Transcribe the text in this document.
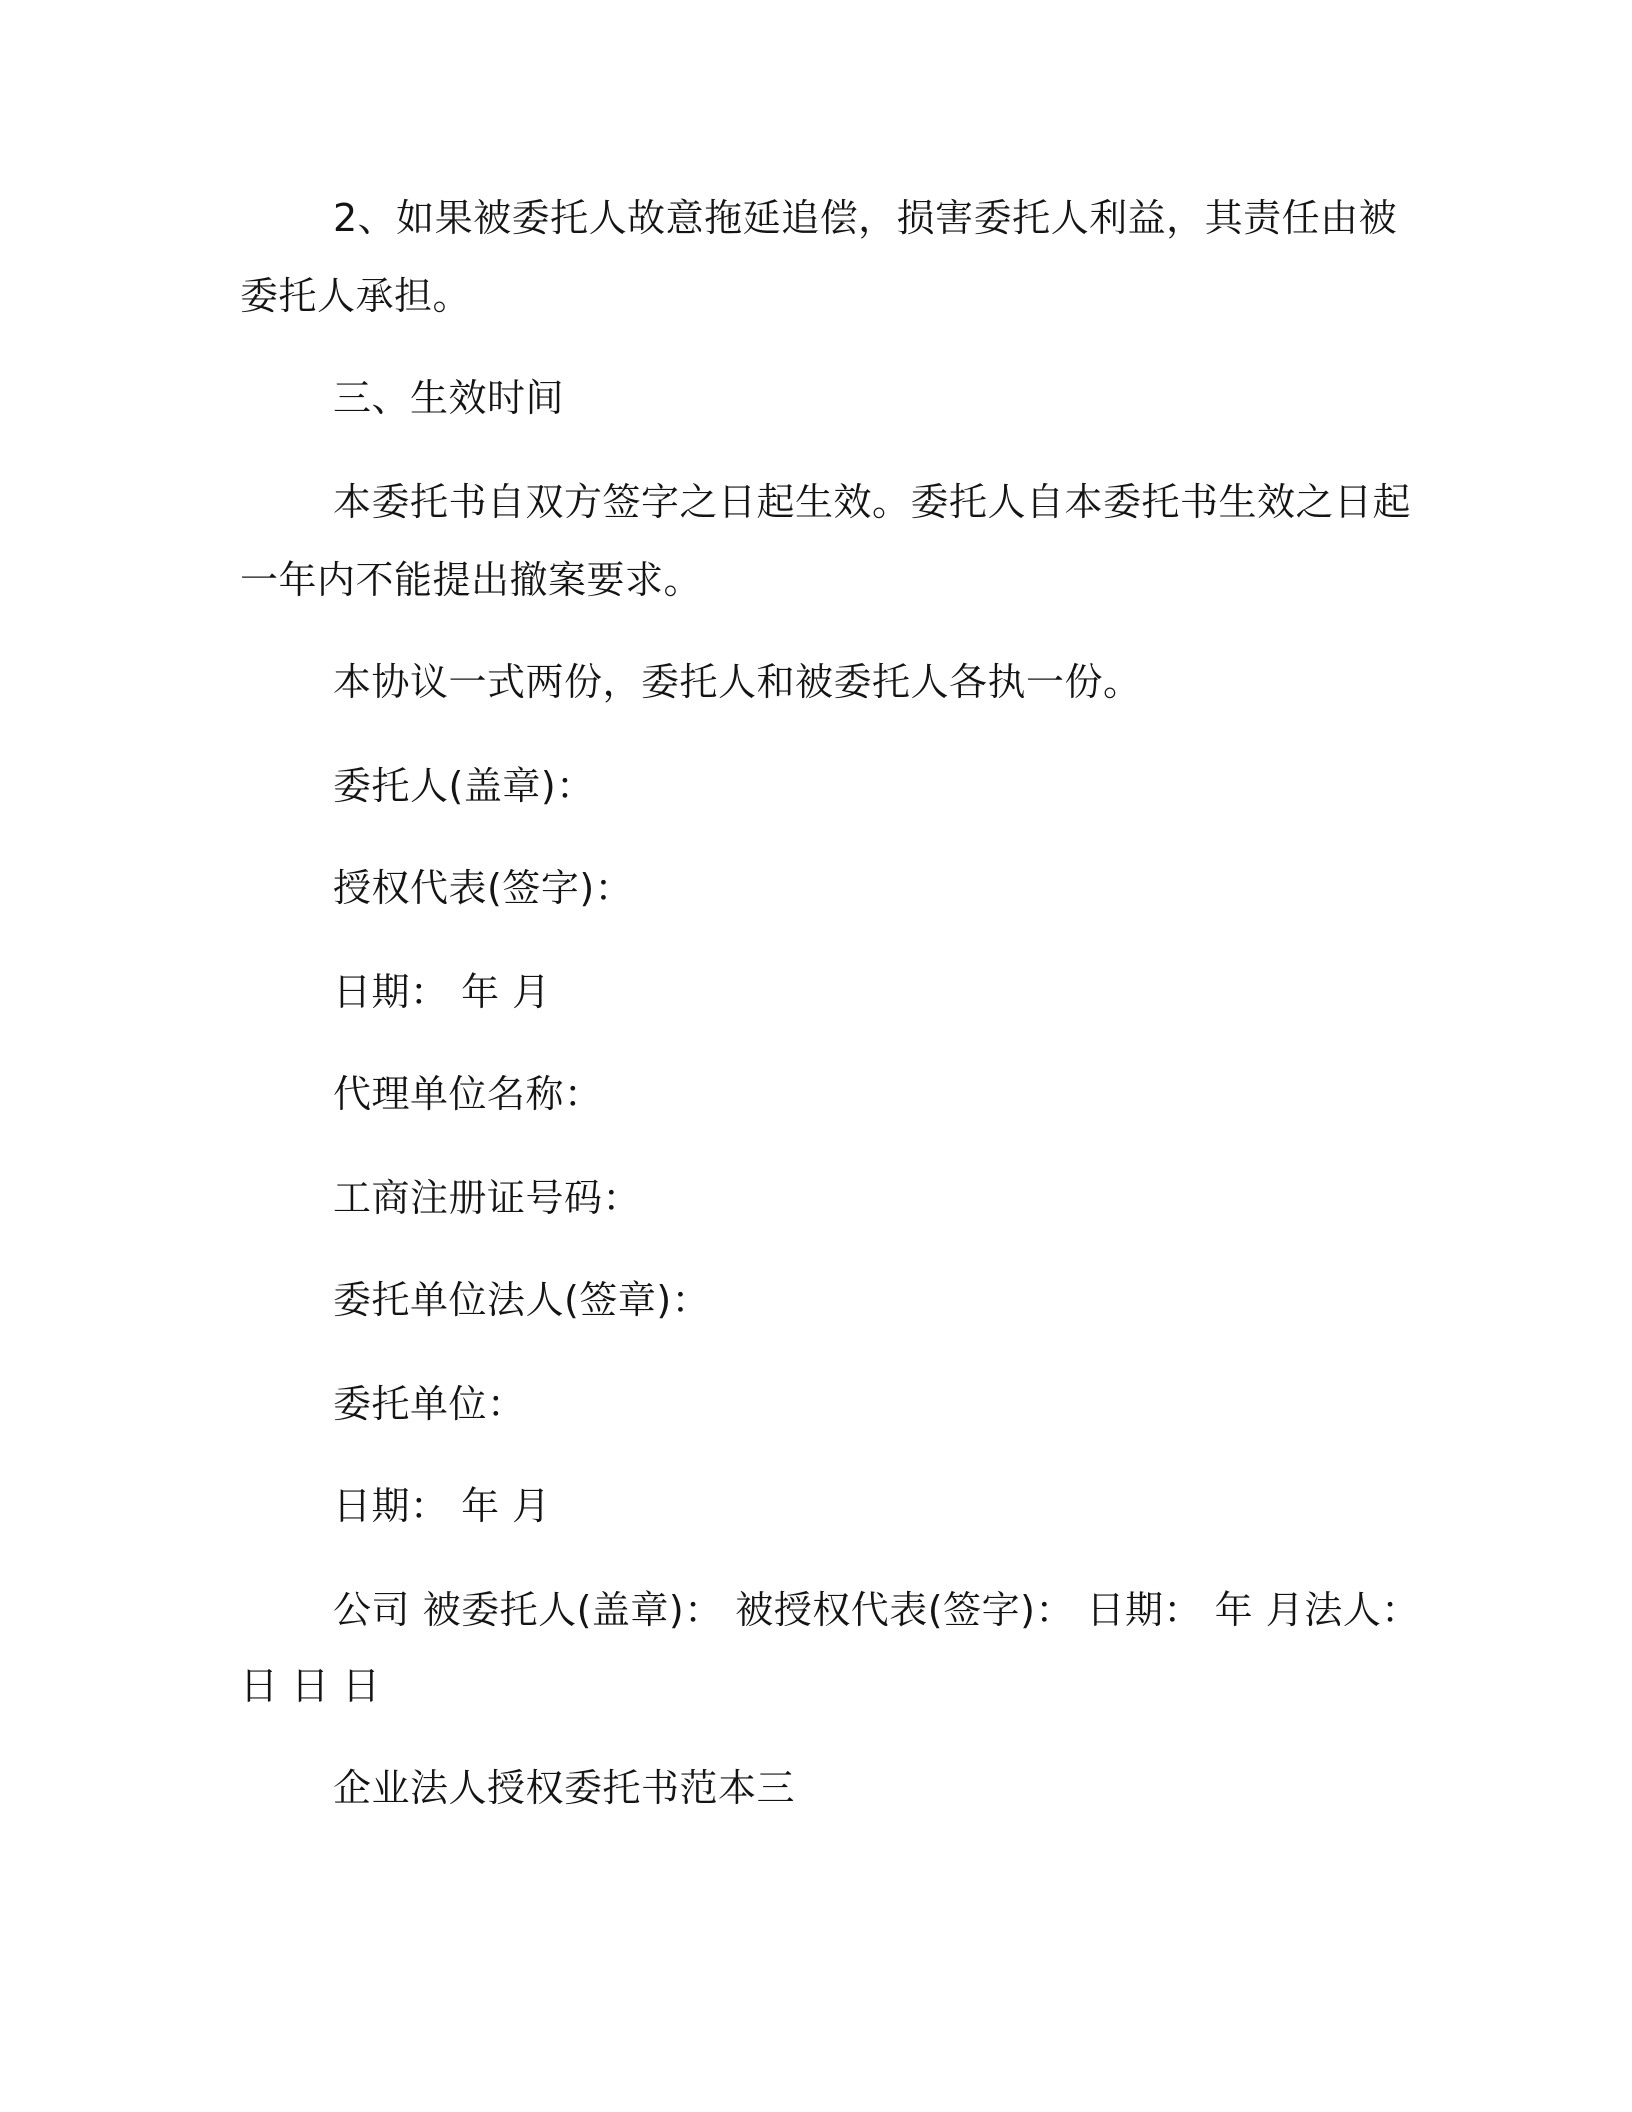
2、如果被委托人故意拖延追偿，损害委托人利益，其责任由被
委托人承担。
三、生效时间
本委托书自双方签字之日起生效。委托人自本委托书生效之日起
一年内不能提出撤案要求。
本协议一式两份，委托人和被委托人各执一份。
委托人(盖章)：
授权代表(签字)：
日期： 年 月
代理单位名称：
工商注册证号码：
委托单位法人(签章)：
委托单位：
日期： 年 月
公司 被委托人(盖章)： 被授权代表(签字)： 日期： 年 月法人：
日 日 日
企业法人授权委托书范本三
